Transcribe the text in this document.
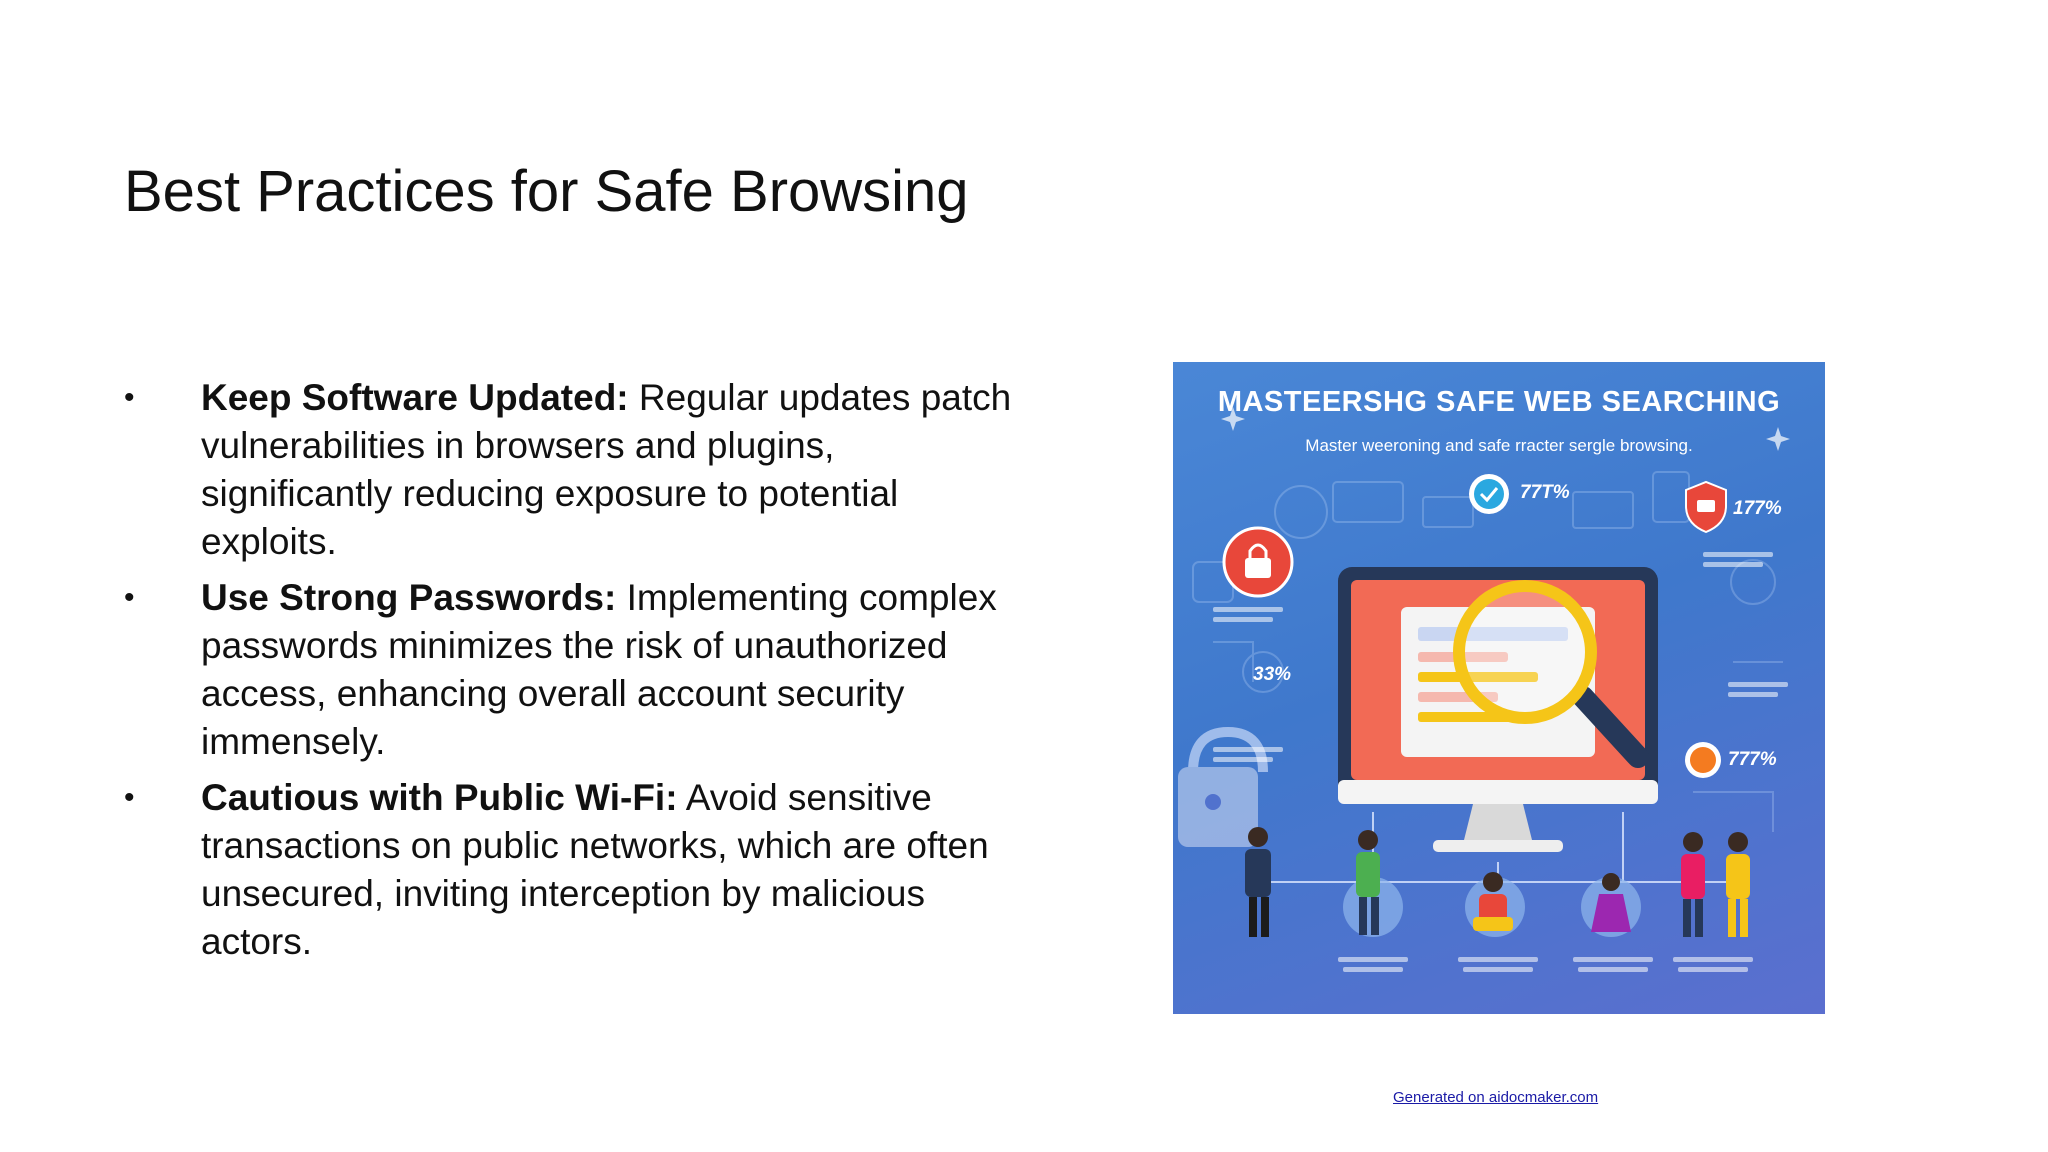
Best Practices for Safe Browsing
• Keep Software Updated: Regular updates patch vulnerabilities in browsers and plugins, significantly reducing exposure to potential exploits.
• Use Strong Passwords: Implementing complex passwords minimizes the risk of unauthorized access, enhancing overall account security immensely.
• Cautious with Public Wi-Fi: Avoid sensitive transactions on public networks, which are often unsecured, inviting interception by malicious actors.
MASTEERSHG SAFE WEB SEARCHING
Master weeroning and safe rracter sergle browsing.
77T%
177%
33%
777%
Generated on aidocmaker.com
